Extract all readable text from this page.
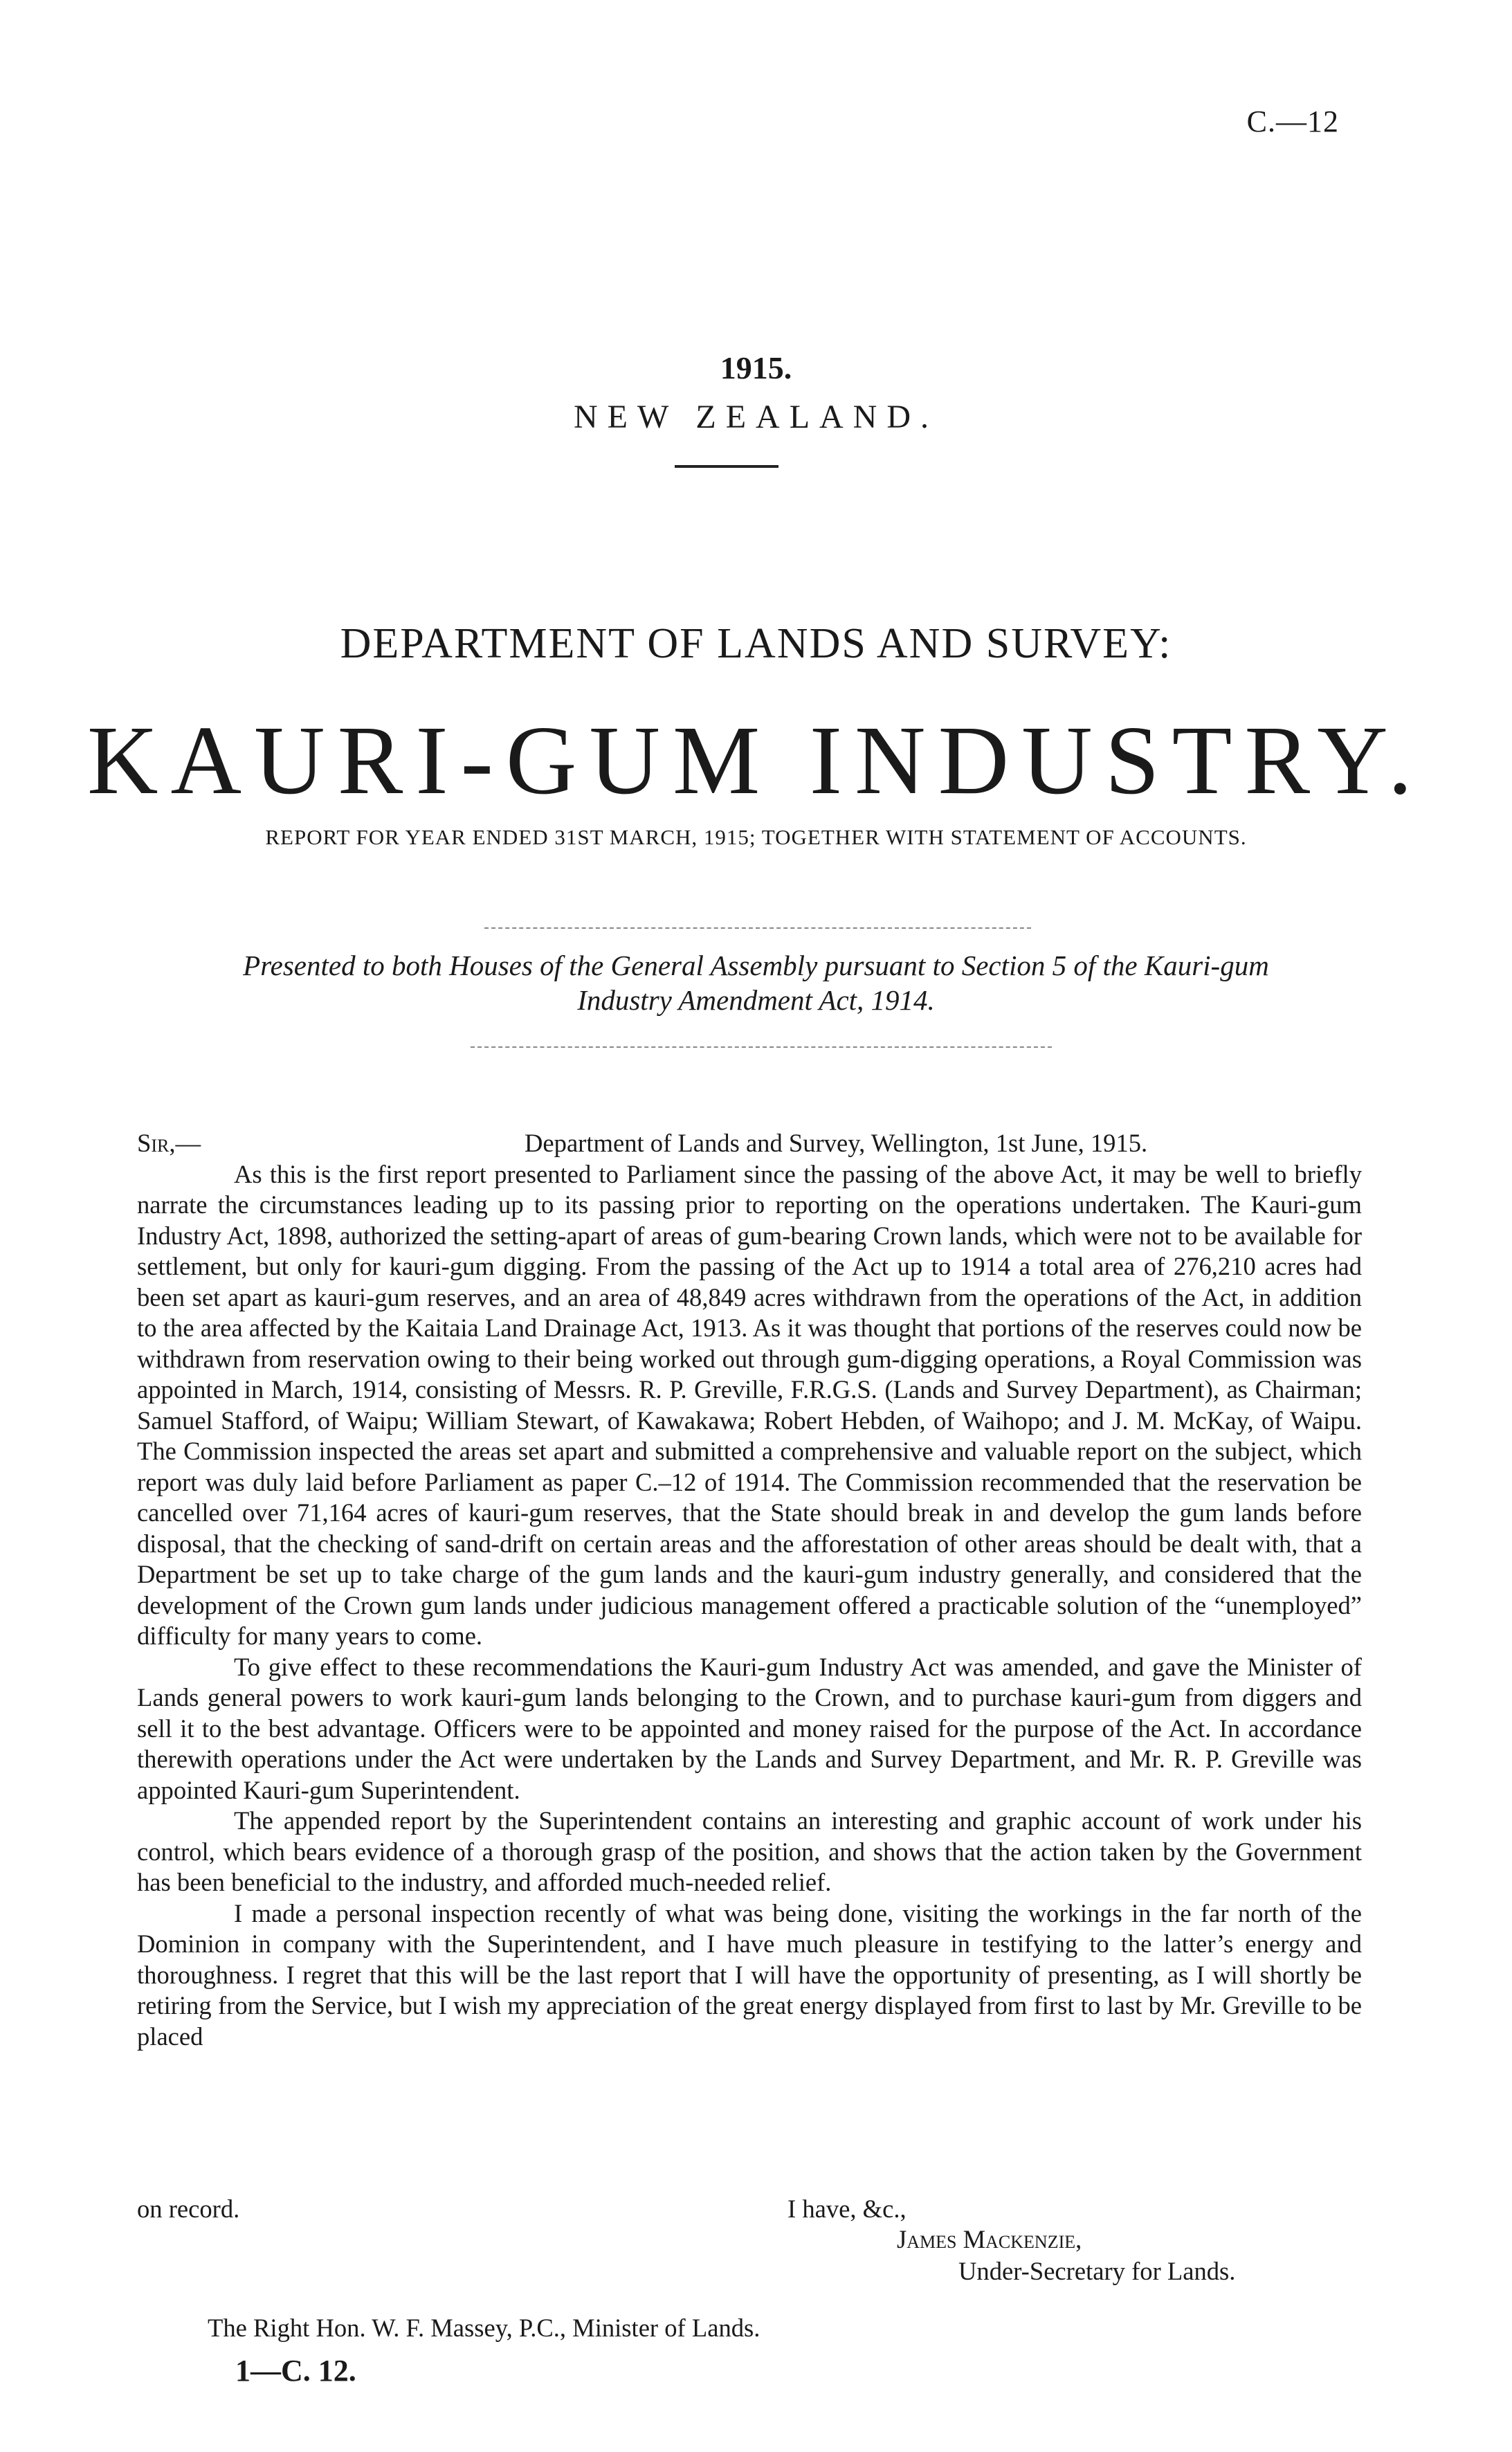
C.—12
1915.
NEW ZEALAND.
DEPARTMENT OF LANDS AND SURVEY:
KAURI-GUM INDUSTRY.
REPORT FOR YEAR ENDED 31ST MARCH, 1915; TOGETHER WITH STATEMENT OF ACCOUNTS.
Presented to both Houses of the General Assembly pursuant to Section 5 of the Kauri-gum
Industry Amendment Act, 1914.
Sir,—	Department of Lands and Survey, Wellington, 1st June, 1915.

As this is the first report presented to Parliament since the passing of the above Act, it may be well to briefly narrate the circumstances leading up to its passing prior to reporting on the operations undertaken. The Kauri-gum Industry Act, 1898, authorized the setting-apart of areas of gum-bearing Crown lands, which were not to be available for settlement, but only for kauri-gum digging. From the passing of the Act up to 1914 a total area of 276,210 acres had been set apart as kauri-gum reserves, and an area of 48,849 acres withdrawn from the operations of the Act, in addition to the area affected by the Kaitaia Land Drainage Act, 1913. As it was thought that portions of the reserves could now be withdrawn from reservation owing to their being worked out through gum-digging operations, a Royal Commission was appointed in March, 1914, consisting of Messrs. R. P. Greville, F.R.G.S. (Lands and Survey Department), as Chairman; Samuel Stafford, of Waipu; William Stewart, of Kawakawa; Robert Hebden, of Waihopo; and J. M. McKay, of Waipu. The Commission inspected the areas set apart and submitted a comprehensive and valuable report on the subject, which report was duly laid before Parliament as paper C.–12 of 1914. The Commission recommended that the reservation be cancelled over 71,164 acres of kauri-gum reserves, that the State should break in and develop the gum lands before disposal, that the checking of sand-drift on certain areas and the afforestation of other areas should be dealt with, that a Department be set up to take charge of the gum lands and the kauri-gum industry generally, and considered that the development of the Crown gum lands under judicious management offered a practicable solution of the “unemployed” difficulty for many years to come.

To give effect to these recommendations the Kauri-gum Industry Act was amended, and gave the Minister of Lands general powers to work kauri-gum lands belonging to the Crown, and to purchase kauri-gum from diggers and sell it to the best advantage. Officers were to be appointed and money raised for the purpose of the Act. In accordance therewith operations under the Act were undertaken by the Lands and Survey Department, and Mr. R. P. Greville was appointed Kauri-gum Superintendent.

The appended report by the Superintendent contains an interesting and graphic account of work under his control, which bears evidence of a thorough grasp of the position, and shows that the action taken by the Government has been beneficial to the industry, and afforded much-needed relief.

I made a personal inspection recently of what was being done, visiting the workings in the far north of the Dominion in company with the Superintendent, and I have much pleasure in testifying to the latter’s energy and thoroughness. I regret that this will be the last report that I will have the opportunity of presenting, as I will shortly be retiring from the Service, but I wish my appreciation of the great energy displayed from first to last by Mr. Greville to be placed

on record.	I have, &c.,
James Mackenzie,
Under-Secretary for Lands.
The Right Hon. W. F. Massey, P.C., Minister of Lands.
1—C. 12.
